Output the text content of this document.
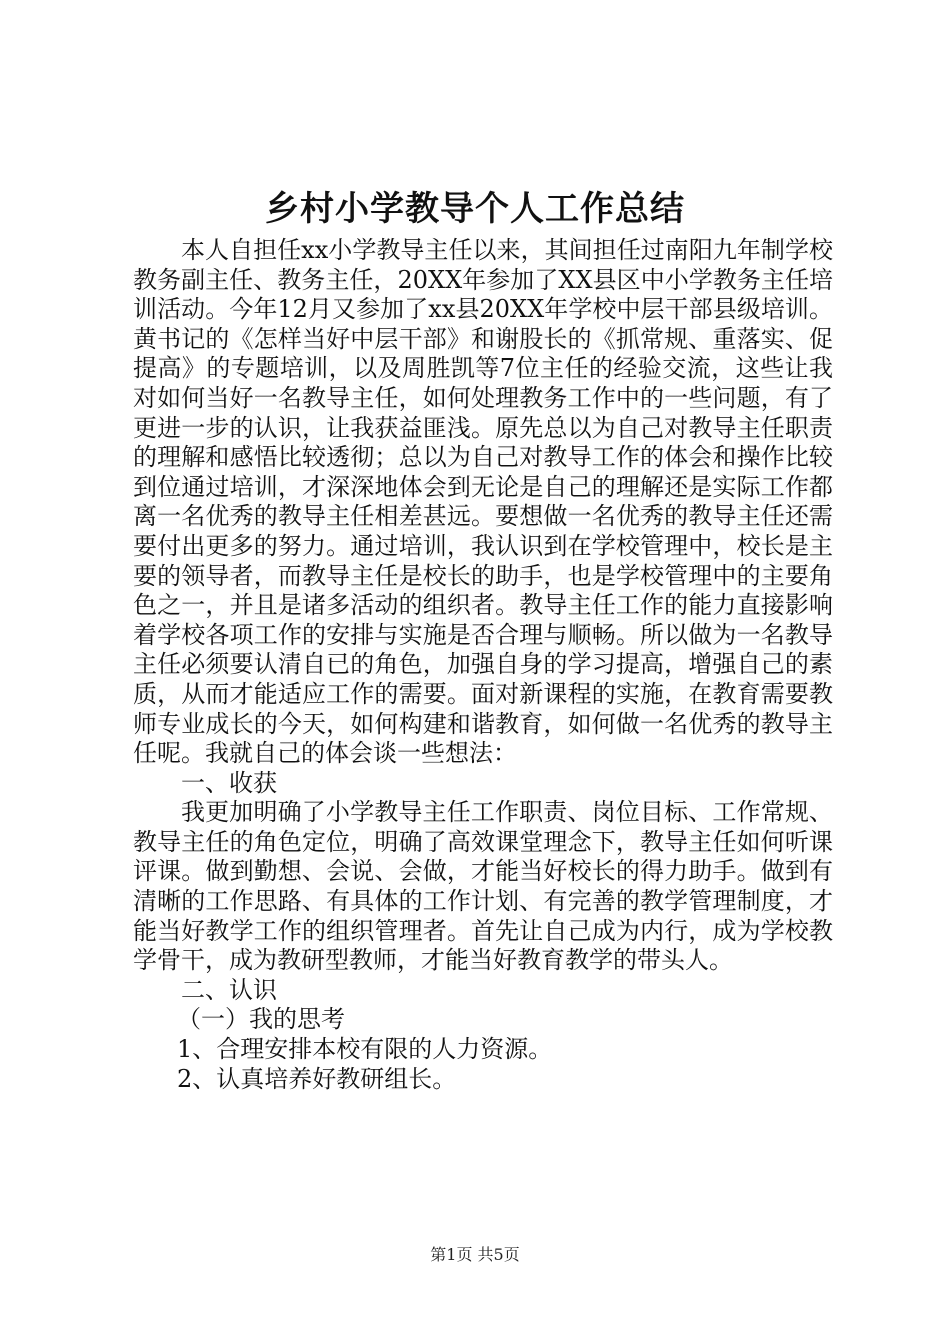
乡村小学教导个人工作总结

本人自担任xx小学教导主任以来，其间担任过南阳九年制学校教务副主任、教务主任，20XX年参加了XX县区中小学教务主任培训活动。今年12月又参加了xx县20XX年学校中层干部县级培训。黄书记的《怎样当好中层干部》和谢股长的《抓常规、重落实、促提高》的专题培训，以及周胜凯等7位主任的经验交流，这些让我对如何当好一名教导主任，如何处理教务工作中的一些问题，有了更进一步的认识，让我获益匪浅。原先总以为自己对教导主任职责的理解和感悟比较透彻；总以为自己对教导工作的体会和操作比较到位通过培训，才深深地体会到无论是自己的理解还是实际工作都离一名优秀的教导主任相差甚远。要想做一名优秀的教导主任还需要付出更多的努力。通过培训，我认识到在学校管理中，校长是主要的领导者，而教导主任是校长的助手，也是学校管理中的主要角色之一，并且是诸多活动的组织者。教导主任工作的能力直接影响着学校各项工作的安排与实施是否合理与顺畅。所以做为一名教导主任必须要认清自已的角色，加强自身的学习提高，增强自己的素质，从而才能适应工作的需要。面对新课程的实施，在教育需要教师专业成长的今天，如何构建和谐教育，如何做一名优秀的教导主任呢。我就自己的体会谈一些想法：

一、收获

我更加明确了小学教导主任工作职责、岗位目标、工作常规、教导主任的角色定位，明确了高效课堂理念下，教导主任如何听课评课。做到勤想、会说、会做，才能当好校长的得力助手。做到有清晰的工作思路、有具体的工作计划、有完善的教学管理制度，才能当好教学工作的组织管理者。首先让自己成为内行，成为学校教学骨干，成为教研型教师，才能当好教育教学的带头人。

二、认识

（一）我的思考

1、合理安排本校有限的人力资源。

2、认真培养好教研组长。

第1页 共5页
